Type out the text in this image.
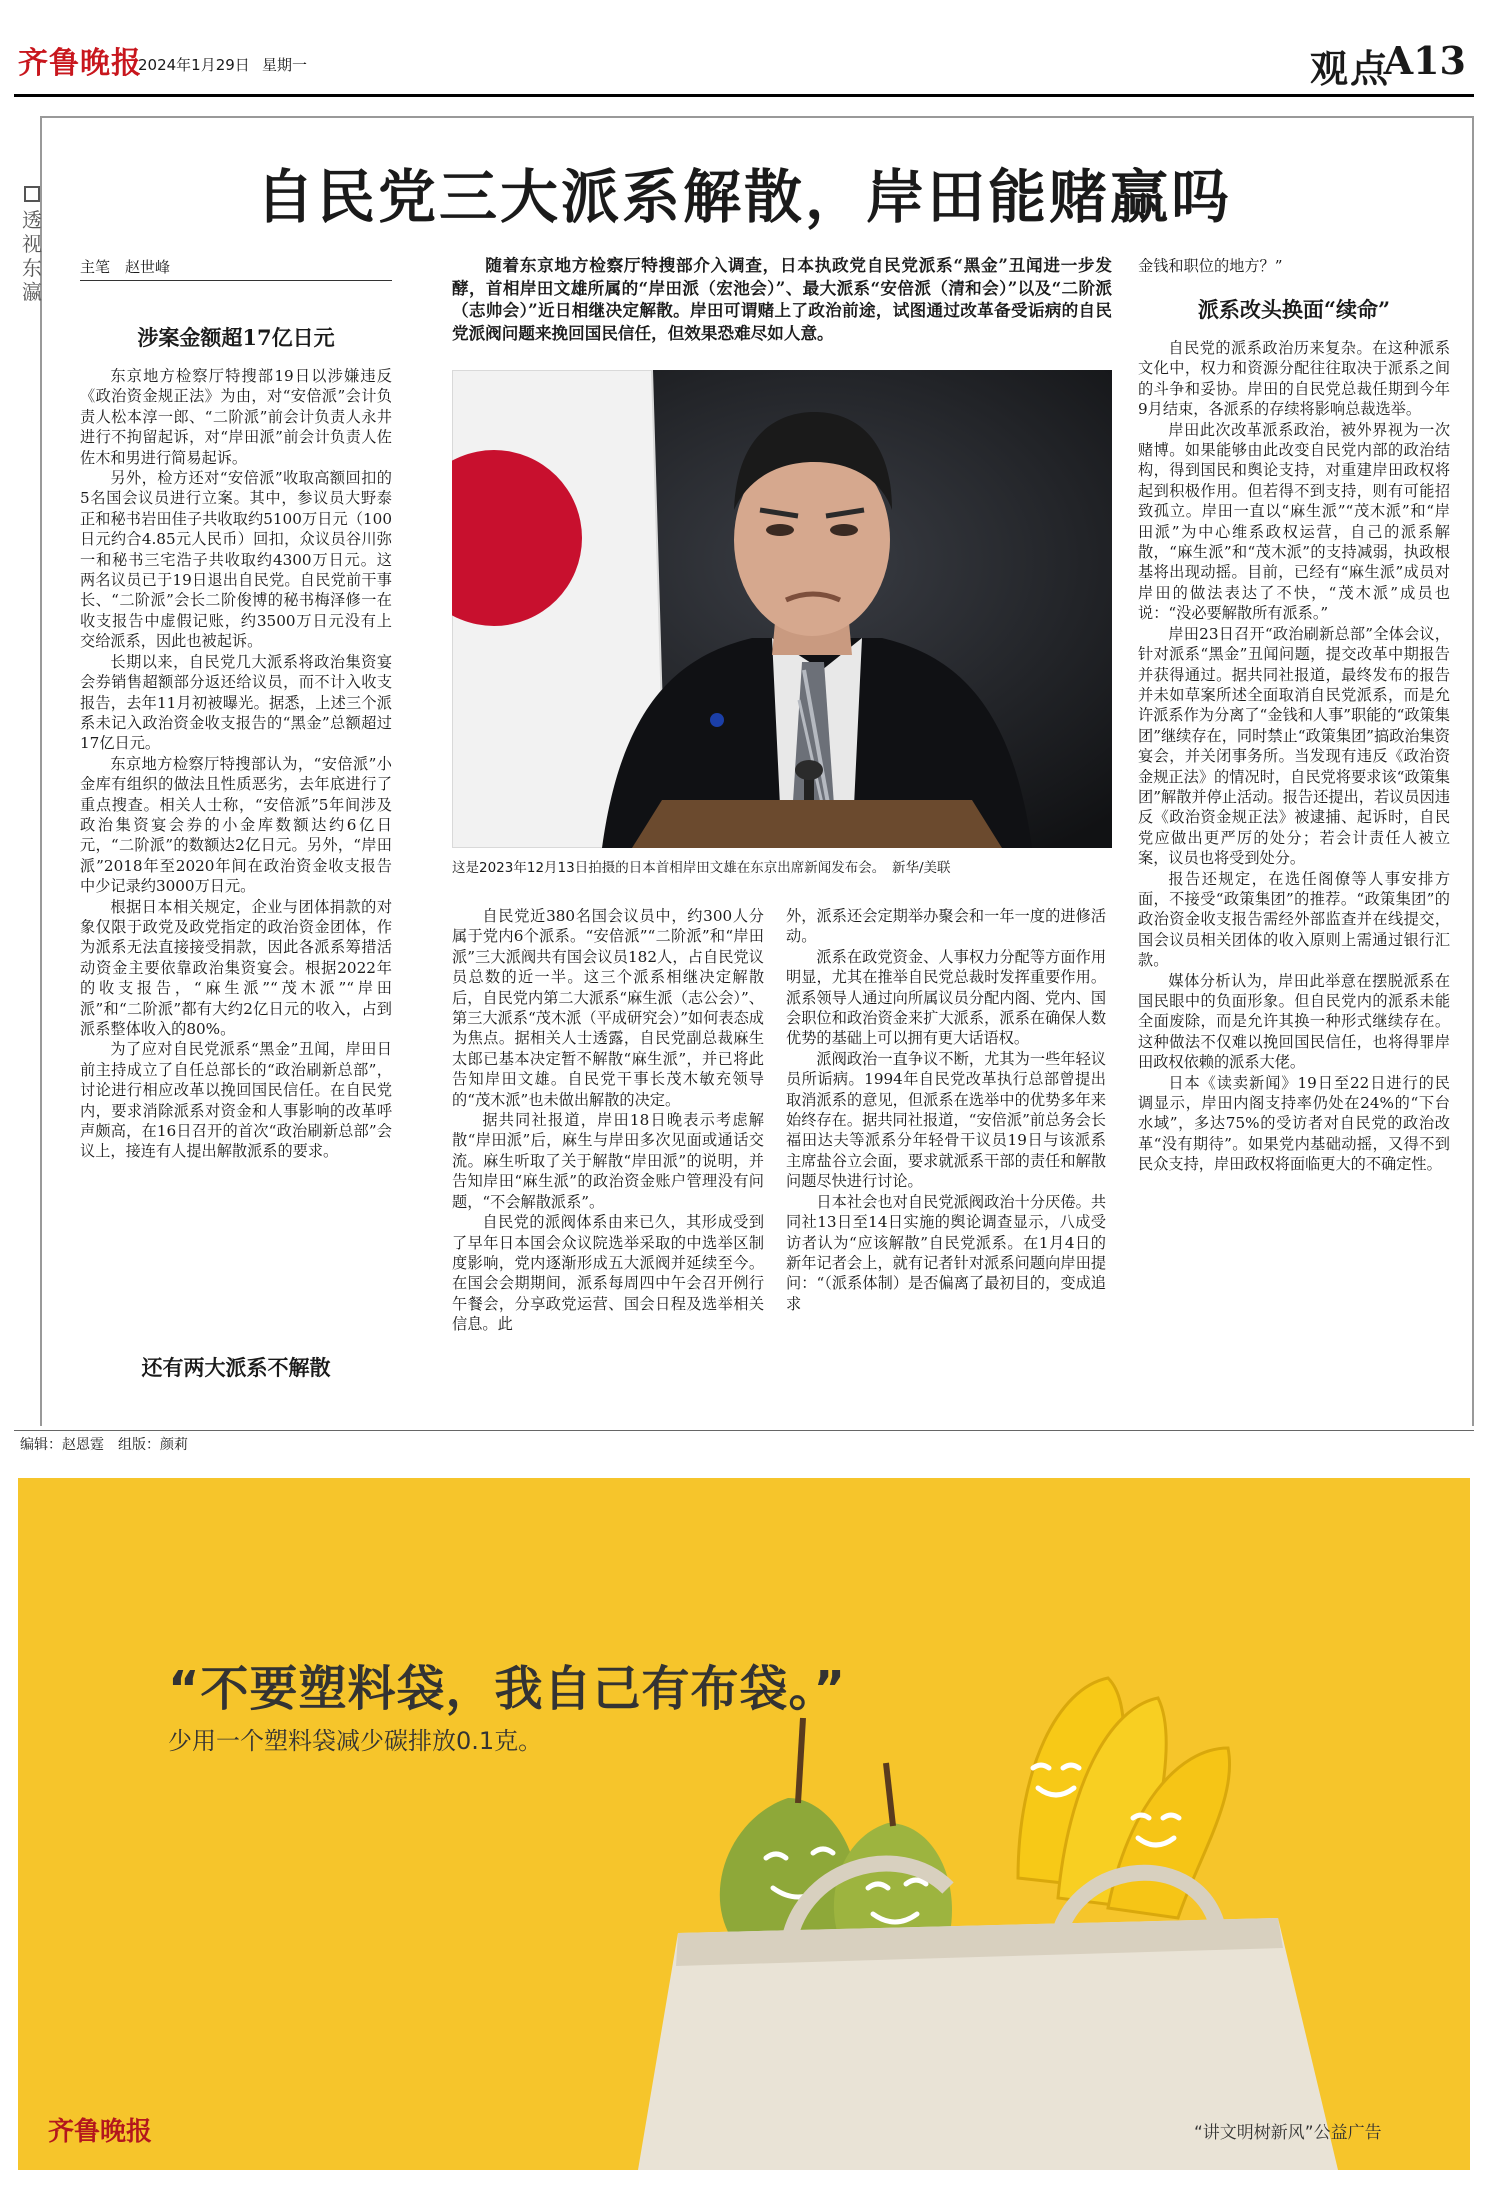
齐鲁晚报
2024年1月29日 星期一	观点
A13
透视东瀛
自民党三大派系解散，岸田能赌赢吗
主笔　赵世峰
涉案金额超17亿日元

东京地方检察厅特搜部19日以涉嫌违反《政治资金规正法》为由，对“安倍派”会计负责人松本淳一郎、“二阶派”前会计负责人永井进行不拘留起诉，对“岸田派”前会计负责人佐佐木和男进行简易起诉。

另外，检方还对“安倍派”收取高额回扣的5名国会议员进行立案。其中，参议员大野泰正和秘书岩田佳子共收取约5100万日元（100日元约合4.85元人民币）回扣，众议员谷川弥一和秘书三宅浩子共收取约4300万日元。这两名议员已于19日退出自民党。自民党前干事长、“二阶派”会长二阶俊博的秘书梅泽修一在收支报告中虚假记账，约3500万日元没有上交给派系，因此也被起诉。

长期以来，自民党几大派系将政治集资宴会券销售超额部分返还给议员，而不计入收支报告，去年11月初被曝光。据悉，上述三个派系未记入政治资金收支报告的“黑金”总额超过17亿日元。

东京地方检察厅特搜部认为，“安倍派”小金库有组织的做法且性质恶劣，去年底进行了重点搜查。相关人士称，“安倍派”5年间涉及政治集资宴会券的小金库数额达约6亿日元，“二阶派”的数额达2亿日元。另外，“岸田派”2018年至2020年间在政治资金收支报告中少记录约3000万日元。

根据日本相关规定，企业与团体捐款的对象仅限于政党及政党指定的政治资金团体，作为派系无法直接接受捐款，因此各派系筹措活动资金主要依靠政治集资宴会。根据2022年的收支报告，“麻生派”“茂木派”“岸田派”和“二阶派”都有大约2亿日元的收入，占到派系整体收入的80%。

为了应对自民党派系“黑金”丑闻，岸田日前主持成立了自任总部长的“政治刷新总部”，讨论进行相应改革以挽回国民信任。在自民党内，要求消除派系对资金和人事影响的改革呼声颇高，在16日召开的首次“政治刷新总部”会议上，接连有人提出解散派系的要求。

还有两大派系不解散

随着东京地方检察厅特搜部介入调查，日本执政党自民党派系“黑金”丑闻进一步发酵，首相岸田文雄所属的“岸田派（宏池会）”、最大派系“安倍派（清和会）”以及“二阶派（志帅会）”近日相继决定解散。岸田可谓赌上了政治前途，试图通过改革备受诟病的自民党派阀问题来挽回国民信任，但效果恐难尽如人意。

这是2023年12月13日拍摄的日本首相岸田文雄在东京出席新闻发布会。　新华/美联

自民党近380名国会议员中，约300人分属于党内6个派系。“安倍派”“二阶派”和“岸田派”三大派阀共有国会议员182人，占自民党议员总数的近一半。这三个派系相继决定解散后，自民党内第二大派系“麻生派（志公会）”、第三大派系“茂木派（平成研究会）”如何表态成为焦点。据相关人士透露，自民党副总裁麻生太郎已基本决定暂不解散“麻生派”，并已将此告知岸田文雄。自民党干事长茂木敏充领导的“茂木派”也未做出解散的决定。

据共同社报道，岸田18日晚表示考虑解散“岸田派”后，麻生与岸田多次见面或通话交流。麻生听取了关于解散“岸田派”的说明，并告知岸田“麻生派”的政治资金账户管理没有问题，“不会解散派系”。

自民党的派阀体系由来已久，其形成受到了早年日本国会众议院选举采取的中选举区制度影响，党内逐渐形成五大派阀并延续至今。在国会会期期间，派系每周四中午会召开例行午餐会，分享政党运营、国会日程及选举相关信息。此

外，派系还会定期举办聚会和一年一度的进修活动。

派系在政党资金、人事权力分配等方面作用明显，尤其在推举自民党总裁时发挥重要作用。派系领导人通过向所属议员分配内阁、党内、国会职位和政治资金来扩大派系，派系在确保人数优势的基础上可以拥有更大话语权。

派阀政治一直争议不断，尤其为一些年轻议员所诟病。1994年自民党改革执行总部曾提出取消派系的意见，但派系在选举中的优势多年来始终存在。据共同社报道，“安倍派”前总务会长福田达夫等派系分年轻骨干议员19日与该派系主席盐谷立会面，要求就派系干部的责任和解散问题尽快进行讨论。

日本社会也对自民党派阀政治十分厌倦。共同社13日至14日实施的舆论调查显示，八成受访者认为“应该解散”自民党派系。在1月4日的新年记者会上，就有记者针对派系问题向岸田提问：“（派系体制）是否偏离了最初目的，变成追求

金钱和职位的地方？”

派系改头换面“续命”

自民党的派系政治历来复杂。在这种派系文化中，权力和资源分配往往取决于派系之间的斗争和妥协。岸田的自民党总裁任期到今年9月结束，各派系的存续将影响总裁选举。

岸田此次改革派系政治，被外界视为一次赌博。如果能够由此改变自民党内部的政治结构，得到国民和舆论支持，对重建岸田政权将起到积极作用。但若得不到支持，则有可能招致孤立。岸田一直以“麻生派”“茂木派”和“岸田派”为中心维系政权运营，自己的派系解散，“麻生派”和“茂木派”的支持减弱，执政根基将出现动摇。目前，已经有“麻生派”成员对岸田的做法表达了不快，“茂木派”成员也说：“没必要解散所有派系。”

岸田23日召开“政治刷新总部”全体会议，针对派系“黑金”丑闻问题，提交改革中期报告并获得通过。据共同社报道，最终发布的报告并未如草案所述全面取消自民党派系，而是允许派系作为分离了“金钱和人事”职能的“政策集团”继续存在，同时禁止“政策集团”搞政治集资宴会，并关闭事务所。当发现有违反《政治资金规正法》的情况时，自民党将要求该“政策集团”解散并停止活动。报告还提出，若议员因违反《政治资金规正法》被逮捕、起诉时，自民党应做出更严厉的处分；若会计责任人被立案，议员也将受到处分。

报告还规定，在选任阁僚等人事安排方面，不接受“政策集团”的推荐。“政策集团”的政治资金收支报告需经外部监查并在线提交，国会议员相关团体的收入原则上需通过银行汇款。

媒体分析认为，岸田此举意在摆脱派系在国民眼中的负面形象。但自民党内的派系未能全面废除，而是允许其换一种形式继续存在。这种做法不仅难以挽回国民信任，也将得罪岸田政权依赖的派系大佬。

日本《读卖新闻》19日至22日进行的民调显示，岸田内阁支持率仍处在24%的“下台水域”，多达75%的受访者对自民党的政治改革“没有期待”。如果党内基础动摇，又得不到民众支持，岸田政权将面临更大的不确定性。

编辑：赵恩霆　组版：颜莉
“不要塑料袋，我自己有布袋。”
少用一个塑料袋减少碳排放0.1克。
齐鲁晚报	“讲文明树新风”公益广告
